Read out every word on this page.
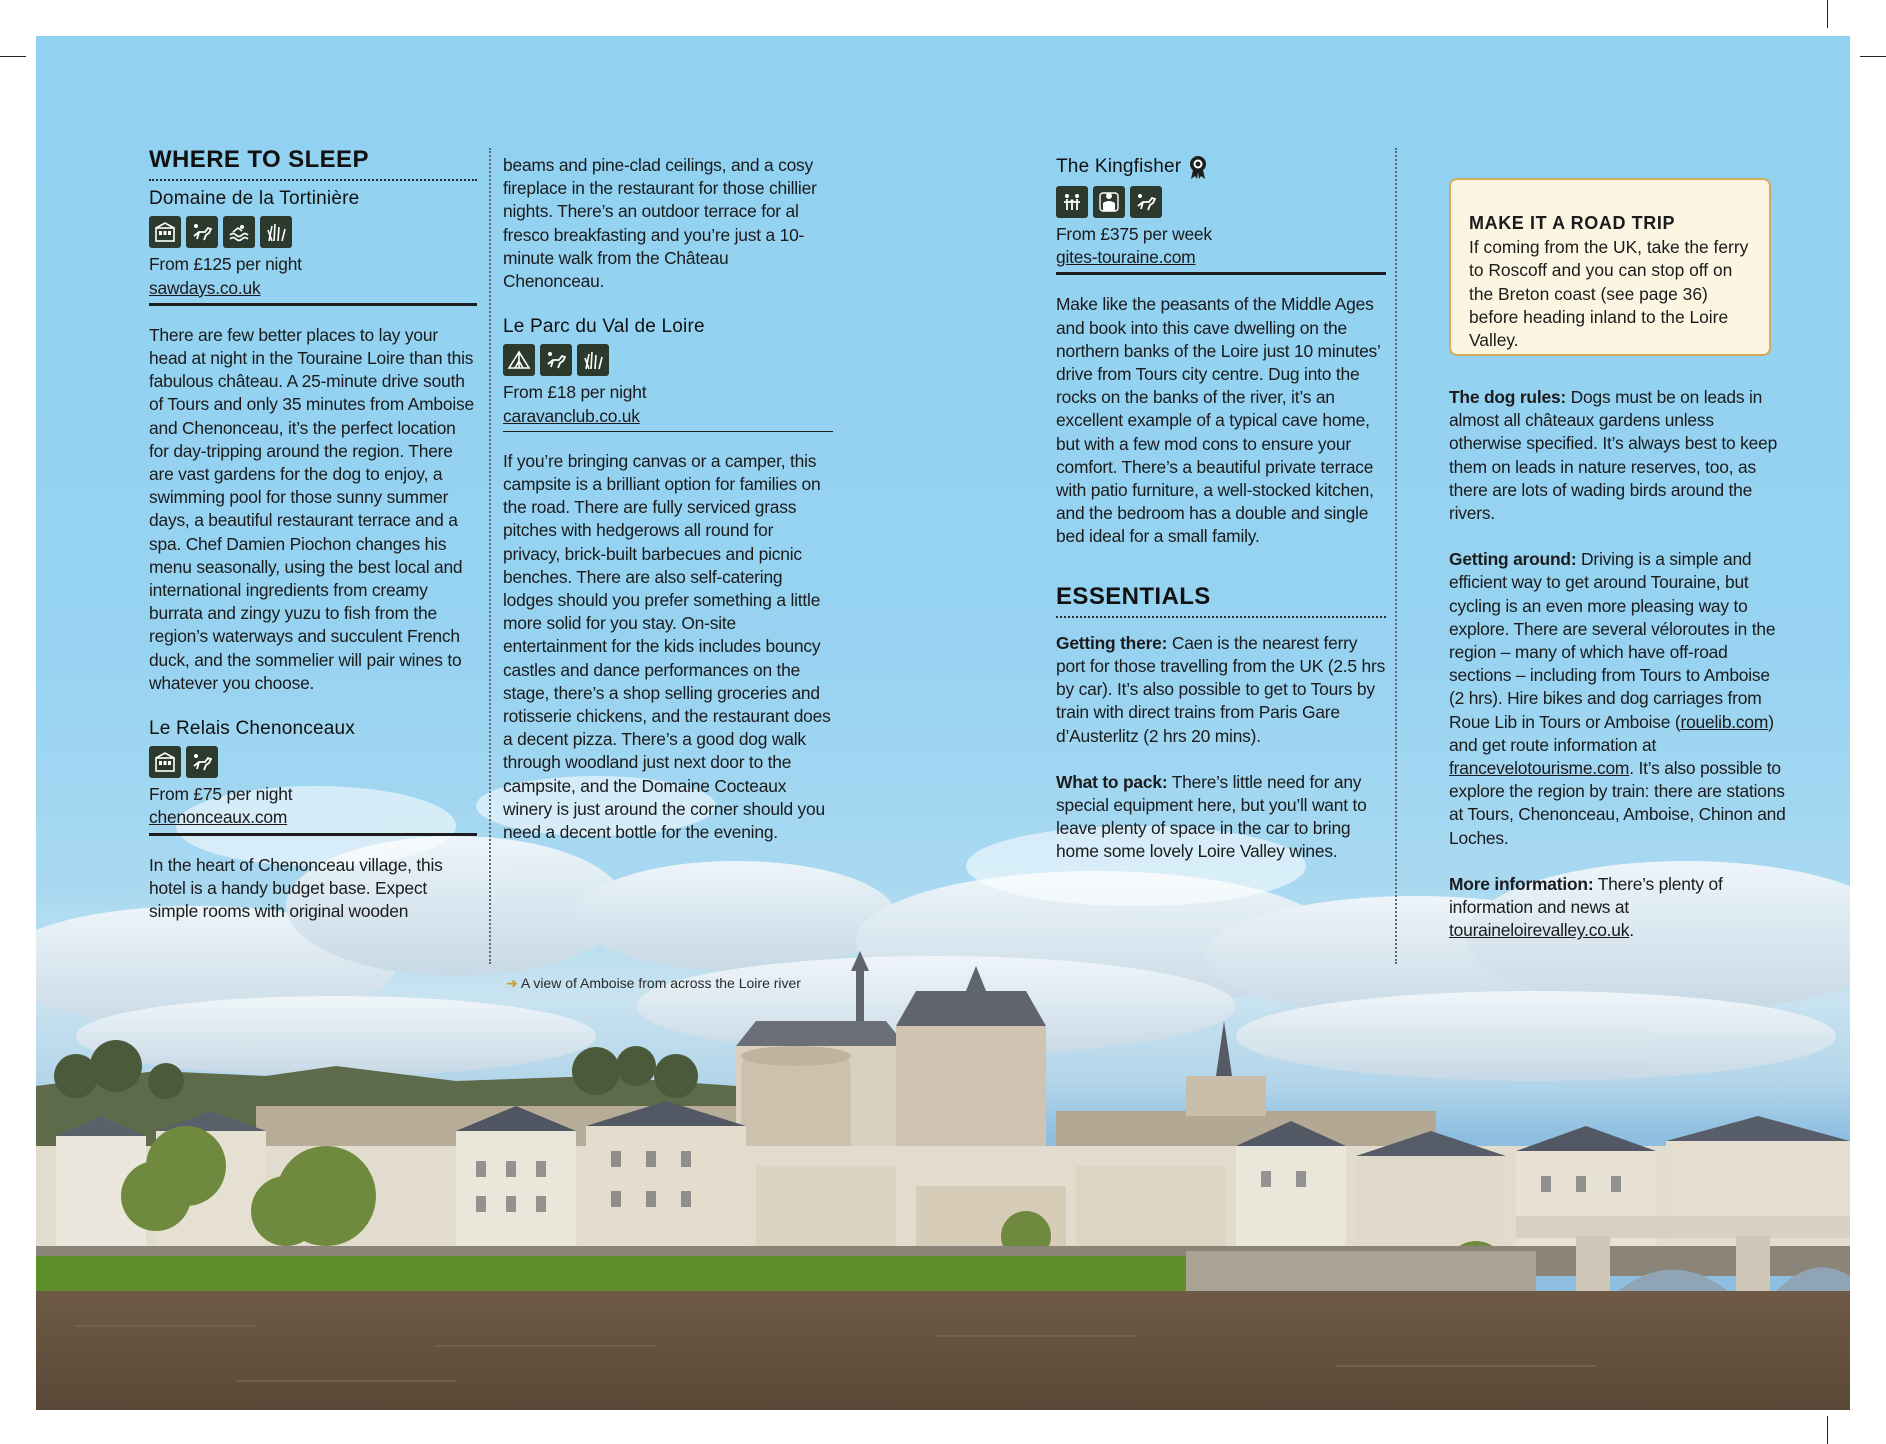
WHERE TO SLEEP
Domaine de la Tortinière

From £125 per night

sawdays.co.uk

There are few better places to lay your head at night in the Touraine Loire than this fabulous château. A 25-minute drive south of Tours and only 35 minutes from Amboise and Chenonceau, it’s the perfect location for day-tripping around the region. There are vast gardens for the dog to enjoy, a swimming pool for those sunny summer days, a beautiful restaurant terrace and a spa. Chef Damien Piochon changes his menu seasonally, using the best local and international ingredients from creamy burrata and zingy yuzu to fish from the region’s waterways and succulent French duck, and the sommelier will pair wines to whatever you choose.

Le Relais Chenonceaux

From £75 per night

chenonceaux.com

In the heart of Chenonceau village, this hotel is a handy budget base. Expect simple rooms with original wooden

beams and pine-clad ceilings, and a cosy fireplace in the restaurant for those chillier nights. There’s an outdoor terrace for al fresco breakfasting and you’re just a 10-minute walk from the Château Chenonceau.

Le Parc du Val de Loire

From £18 per night

caravanclub.co.uk

If you’re bringing canvas or a camper, this campsite is a brilliant option for families on the road. There are fully serviced grass pitches with hedgerows all round for privacy, brick-built barbecues and picnic benches. There are also self-catering lodges should you prefer something a little more solid for you stay. On-site entertainment for the kids includes bouncy castles and dance performances on the stage, there’s a shop selling groceries and rotisserie chickens, and the restaurant does a decent pizza. There’s a good dog walk through woodland just next door to the campsite, and the Domaine Cocteaux winery is just around the corner should you need a decent bottle for the evening.

➜︎ A view of Amboise from across the Loire river
The Kingfisher

From £375 per week

gites-touraine.com

Make like the peasants of the Middle Ages and book into this cave dwelling on the northern banks of the Loire just 10 minutes’ drive from Tours city centre. Dug into the rocks on the banks of the river, it’s an excellent example of a typical cave home, but with a few mod cons to ensure your comfort. There’s a beautiful private terrace with patio furniture, a well-stocked kitchen, and the bedroom has a double and single bed ideal for a small family.

ESSENTIALS

Getting there: Caen is the nearest ferry port for those travelling from the UK (2.5 hrs by car). It’s also possible to get to Tours by train with direct trains from Paris Gare d’Austerlitz (2 hrs 20 mins).

What to pack: There’s little need for any special equipment here, but you’ll want to leave plenty of space in the car to bring home some lovely Loire Valley wines.

MAKE IT A ROAD TRIP

If coming from the UK, take the ferry to Roscoff and you can stop off on the Breton coast (see page 36) before heading inland to the Loire Valley.

The dog rules: Dogs must be on leads in almost all châteaux gardens unless otherwise specified. It’s always best to keep them on leads in nature reserves, too, as there are lots of wading birds around the rivers.

Getting around: Driving is a simple and efficient way to get around Touraine, but cycling is an even more pleasing way to explore. There are several véloroutes in the region – many of which have off-road sections – including from Tours to Amboise (2 hrs). Hire bikes and dog carriages from Roue Lib in Tours or Amboise (rouelib.com) and get route information at francevelotourisme.com. It’s also possible to explore the region by train: there are stations at Tours, Chenonceau, Amboise, Chinon and Loches.

More information: There’s plenty of information and news at touraineloirevalley.co.uk.
